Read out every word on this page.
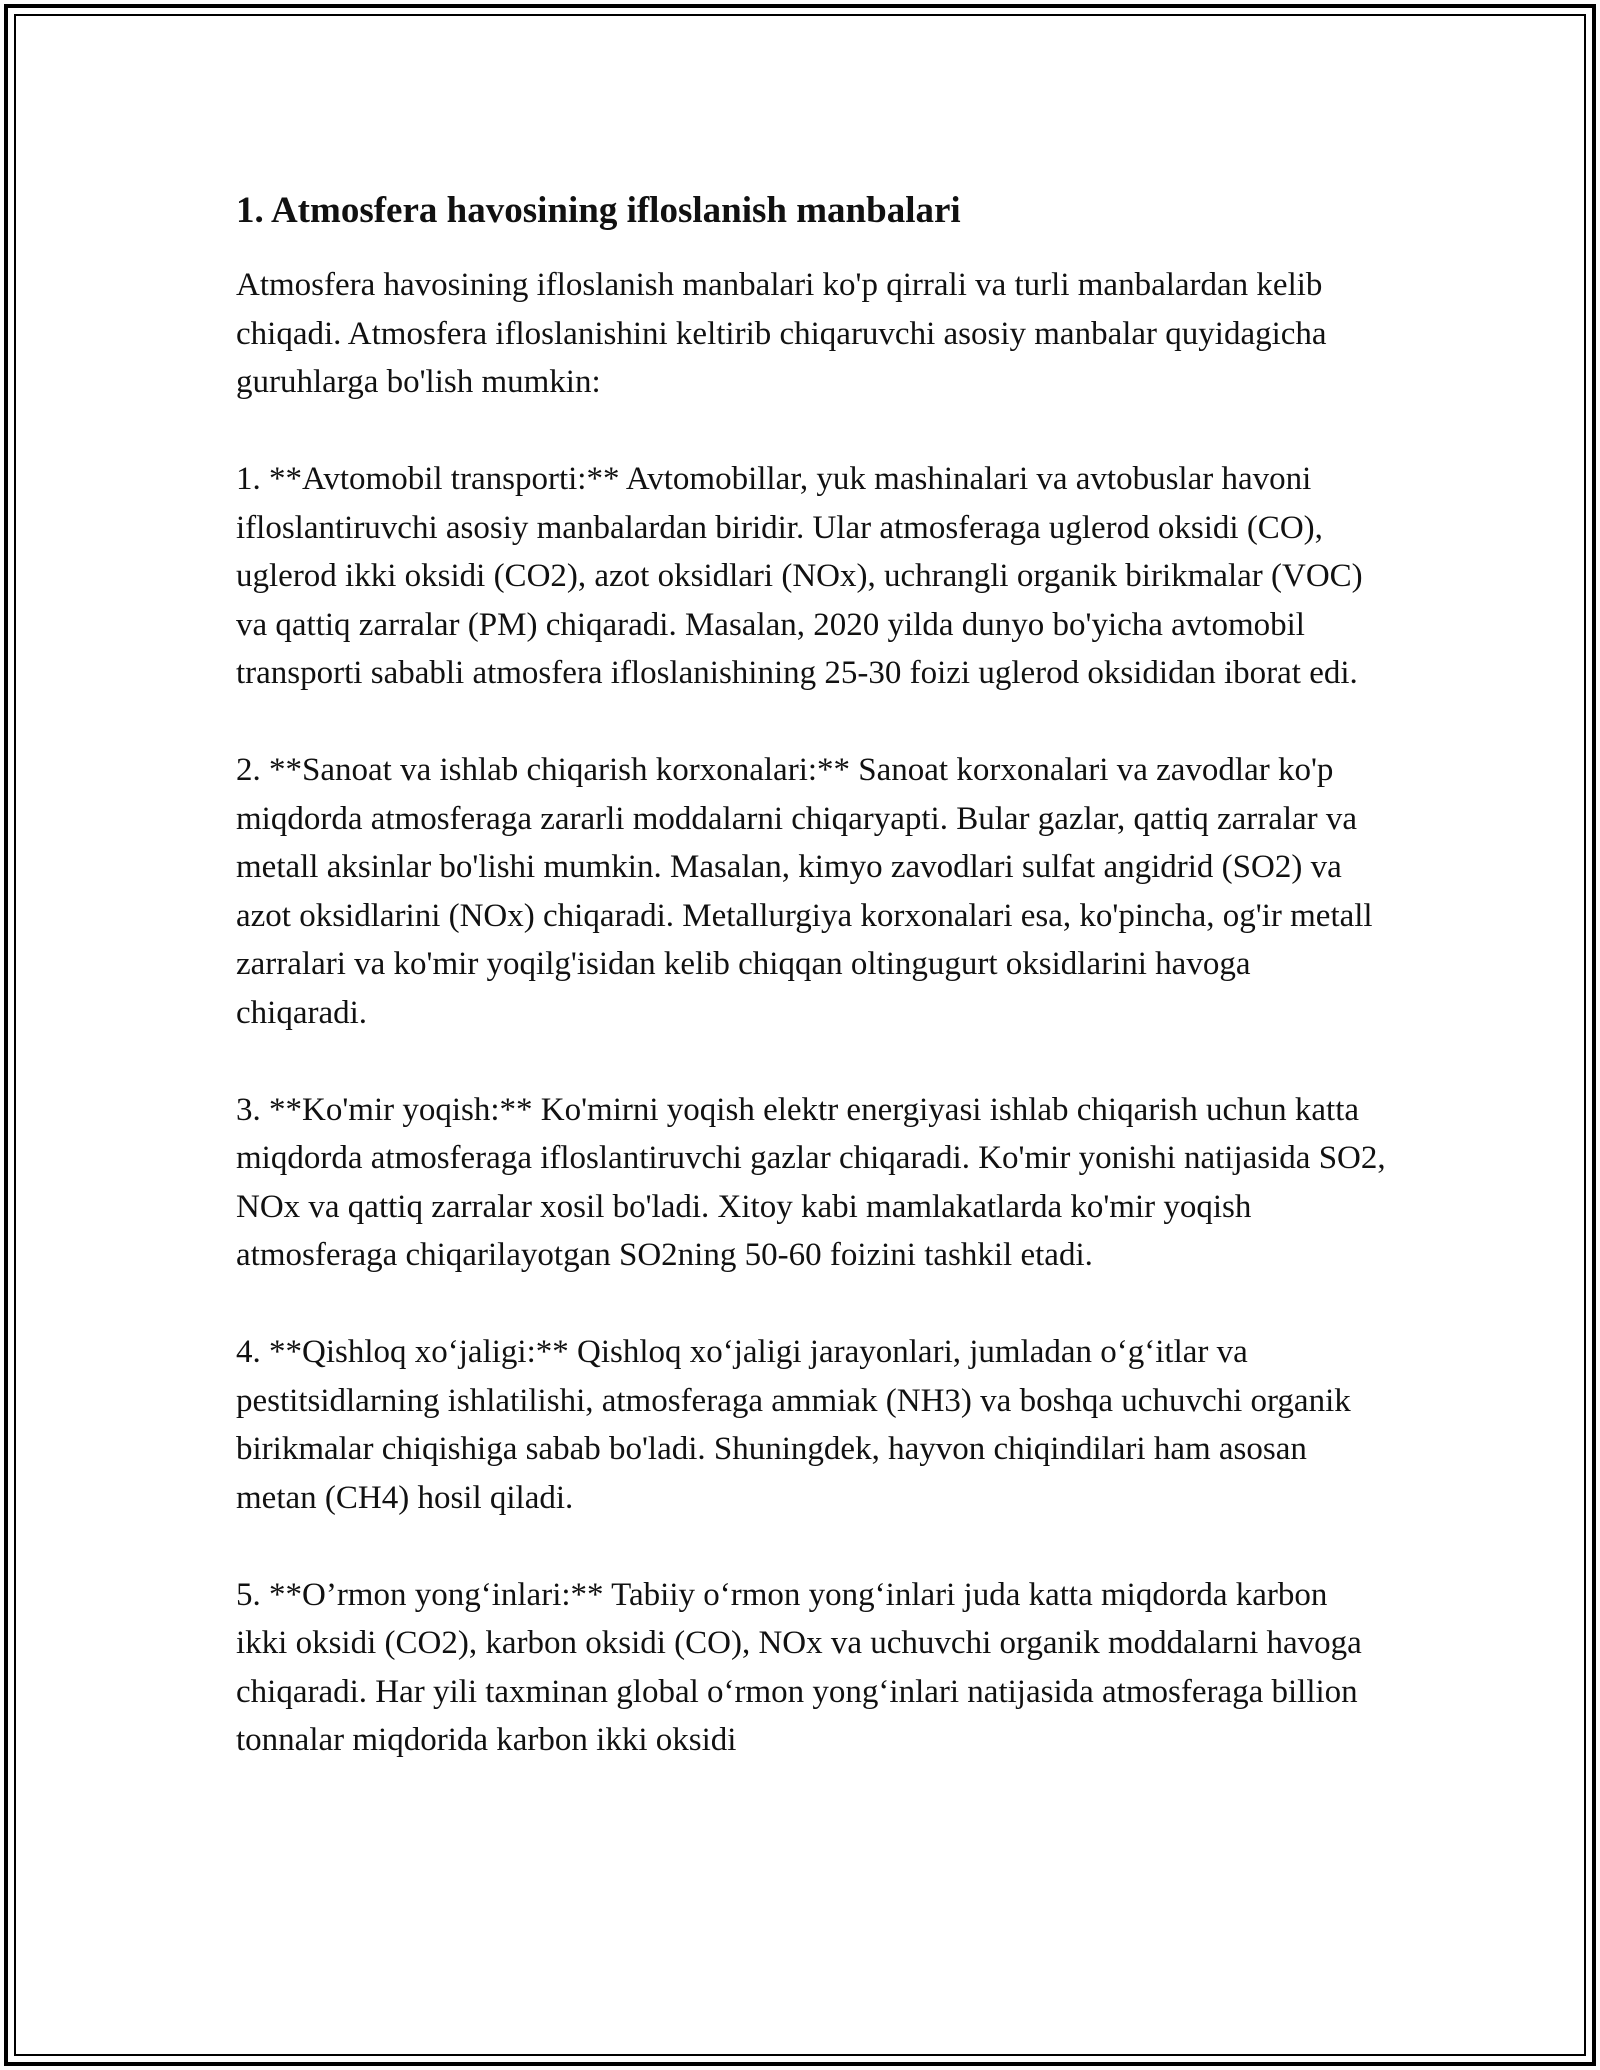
1. Atmosfera havosining ifloslanish manbalari

Atmosfera havosining ifloslanish manbalari ko'p qirrali va turli manbalardan kelib chiqadi. Atmosfera ifloslanishini keltirib chiqaruvchi asosiy manbalar quyidagicha guruhlarga bo'lish mumkin:

1. **Avtomobil transporti:** Avtomobillar, yuk mashinalari va avtobuslar havoni ifloslantiruvchi asosiy manbalardan biridir. Ular atmosferaga uglerod oksidi (CO), uglerod ikki oksidi (CO2), azot oksidlari (NOx), uchrangli organik birikmalar (VOC) va qattiq zarralar (PM) chiqaradi. Masalan, 2020 yilda dunyo bo'yicha avtomobil transporti sababli atmosfera ifloslanishining 25-30 foizi uglerod oksididan iborat edi.

2. **Sanoat va ishlab chiqarish korxonalari:** Sanoat korxonalari va zavodlar ko'p miqdorda atmosferaga zararli moddalarni chiqaryapti. Bular gazlar, qattiq zarralar va metall aksinlar bo'lishi mumkin. Masalan, kimyo zavodlari sulfat angidrid (SO2) va azot oksidlarini (NOx) chiqaradi. Metallurgiya korxonalari esa, ko'pincha, og'ir metall zarralari va ko'mir yoqilg'isidan kelib chiqqan oltingugurt oksidlarini havoga chiqaradi.

3. **Ko'mir yoqish:** Ko'mirni yoqish elektr energiyasi ishlab chiqarish uchun katta miqdorda atmosferaga ifloslantiruvchi gazlar chiqaradi. Ko'mir yonishi natijasida SO2, NOx va qattiq zarralar xosil bo'ladi. Xitoy kabi mamlakatlarda ko'mir yoqish atmosferaga chiqarilayotgan SO2ning 50-60 foizini tashkil etadi.

4. **Qishloq xo‘jaligi:** Qishloq xo‘jaligi jarayonlari, jumladan o‘g‘itlar va pestitsidlarning ishlatilishi, atmosferaga ammiak (NH3) va boshqa uchuvchi organik birikmalar chiqishiga sabab bo'ladi. Shuningdek, hayvon chiqindilari ham asosan metan (CH4) hosil qiladi.

5. **O’rmon yong‘inlari:** Tabiiy o‘rmon yong‘inlari juda katta miqdorda karbon ikki oksidi (CO2), karbon oksidi (CO), NOx va uchuvchi organik moddalarni havoga chiqaradi. Har yili taxminan global o‘rmon yong‘inlari natijasida atmosferaga billion tonnalar miqdorida karbon ikki oksidi
